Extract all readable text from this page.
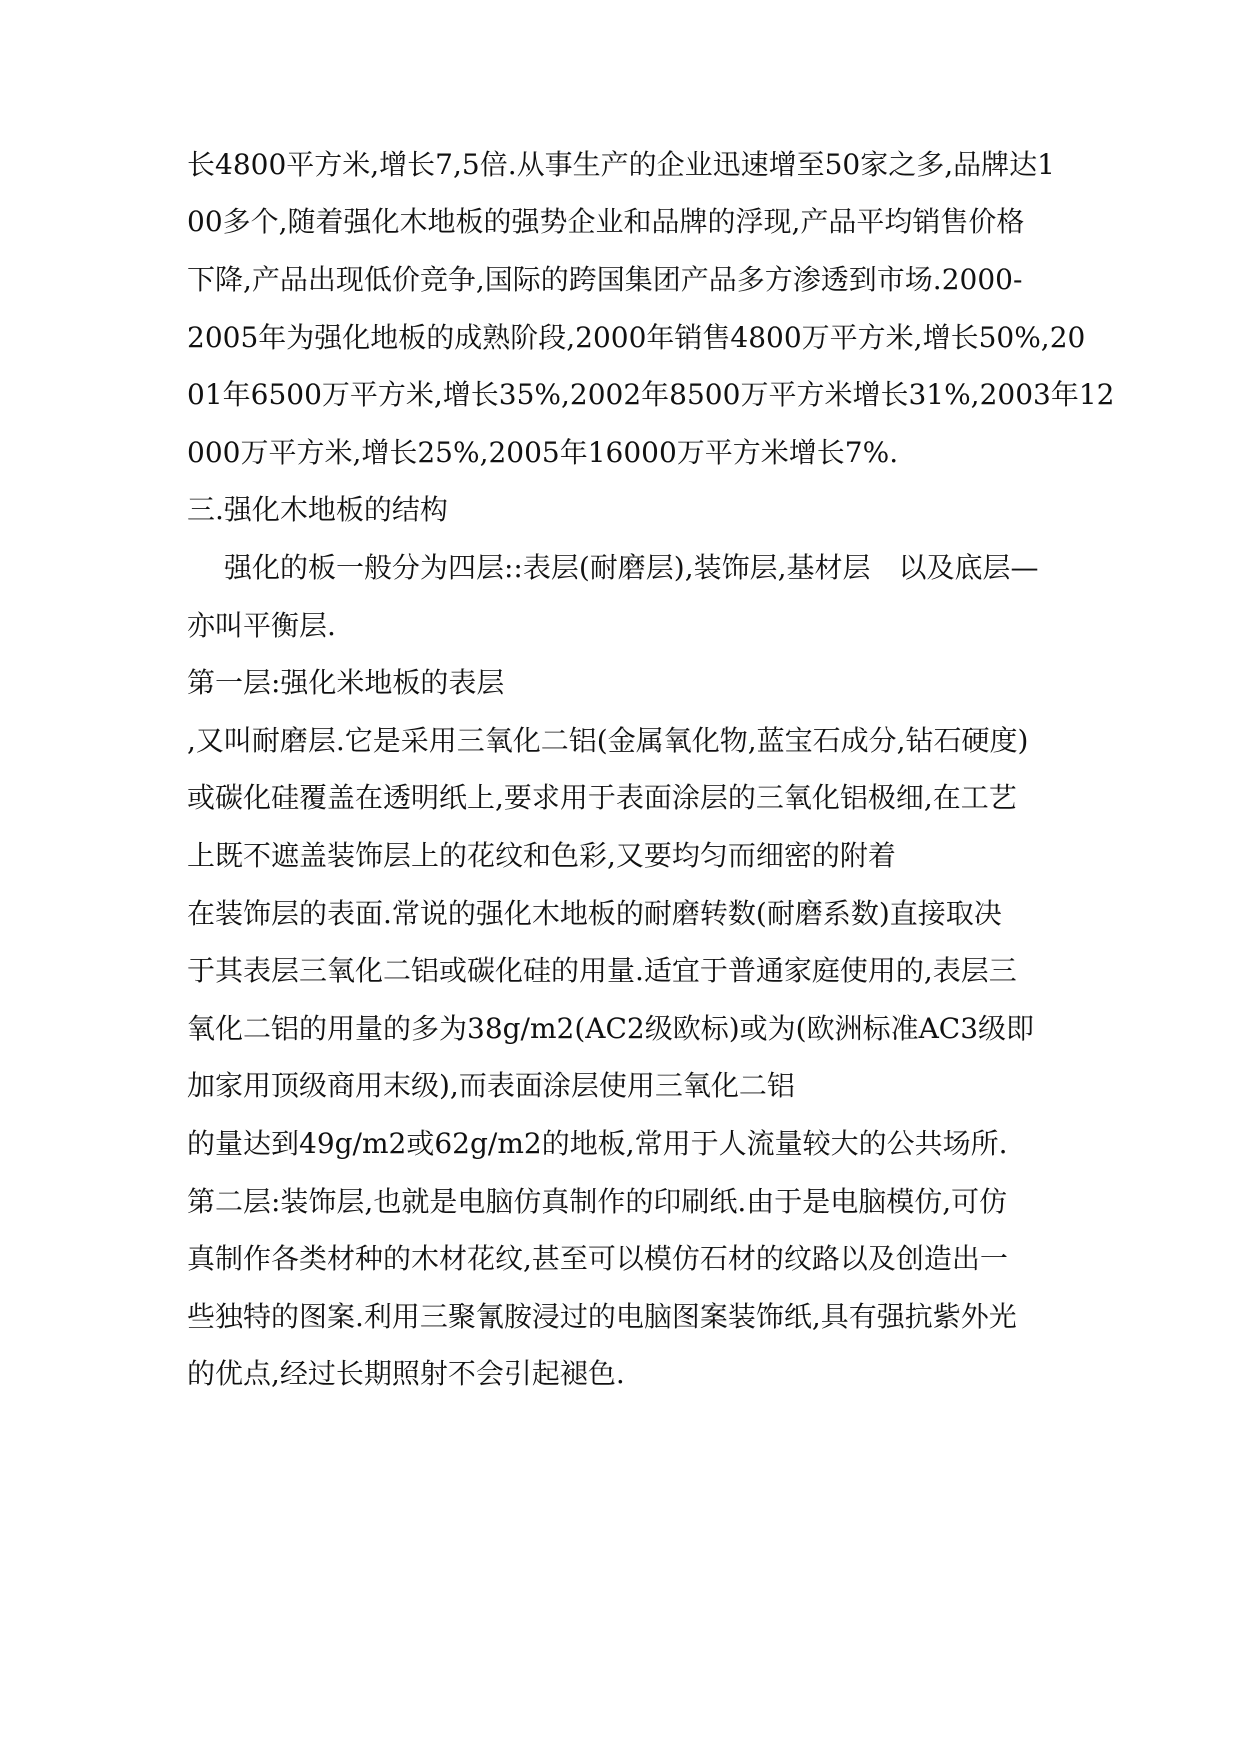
长4800平方米,增长7,5倍.从事生产的企业迅速增至50家之多,品牌达1

00多个,随着强化木地板的强势企业和品牌的浮现,产品平均销售价格

下降,产品出现低价竞争,国际的跨国集团产品多方渗透到市场.2000-

2005年为强化地板的成熟阶段,2000年销售4800万平方米,增长50%,20

01年6500万平方米,增长35%,2002年8500万平方米增长31%,2003年12

000万平方米,增长25%,2005年16000万平方米增长7%.

三.强化木地板的结构

强化的板一般分为四层::表层(耐磨层),装饰层,基材层　以及底层—

亦叫平衡层.

第一层:强化米地板的表层

,又叫耐磨层.它是采用三氧化二铝(金属氧化物,蓝宝石成分,钻石硬度)

或碳化硅覆盖在透明纸上,要求用于表面涂层的三氧化铝极细,在工艺

上既不遮盖装饰层上的花纹和色彩,又要均匀而细密的附着

在装饰层的表面.常说的强化木地板的耐磨转数(耐磨系数)直接取决

于其表层三氧化二铝或碳化硅的用量.适宜于普通家庭使用的,表层三

氧化二铝的用量的多为38g/m2(AC2级欧标)或为(欧洲标准AC3级即

加家用顶级商用末级),而表面涂层使用三氧化二铝

的量达到49g/m2或62g/m2的地板,常用于人流量较大的公共场所.

第二层:装饰层,也就是电脑仿真制作的印刷纸.由于是电脑模仿,可仿

真制作各类材种的木材花纹,甚至可以模仿石材的纹路以及创造出一

些独特的图案.利用三聚氰胺浸过的电脑图案装饰纸,具有强抗紫外光

的优点,经过长期照射不会引起褪色.
